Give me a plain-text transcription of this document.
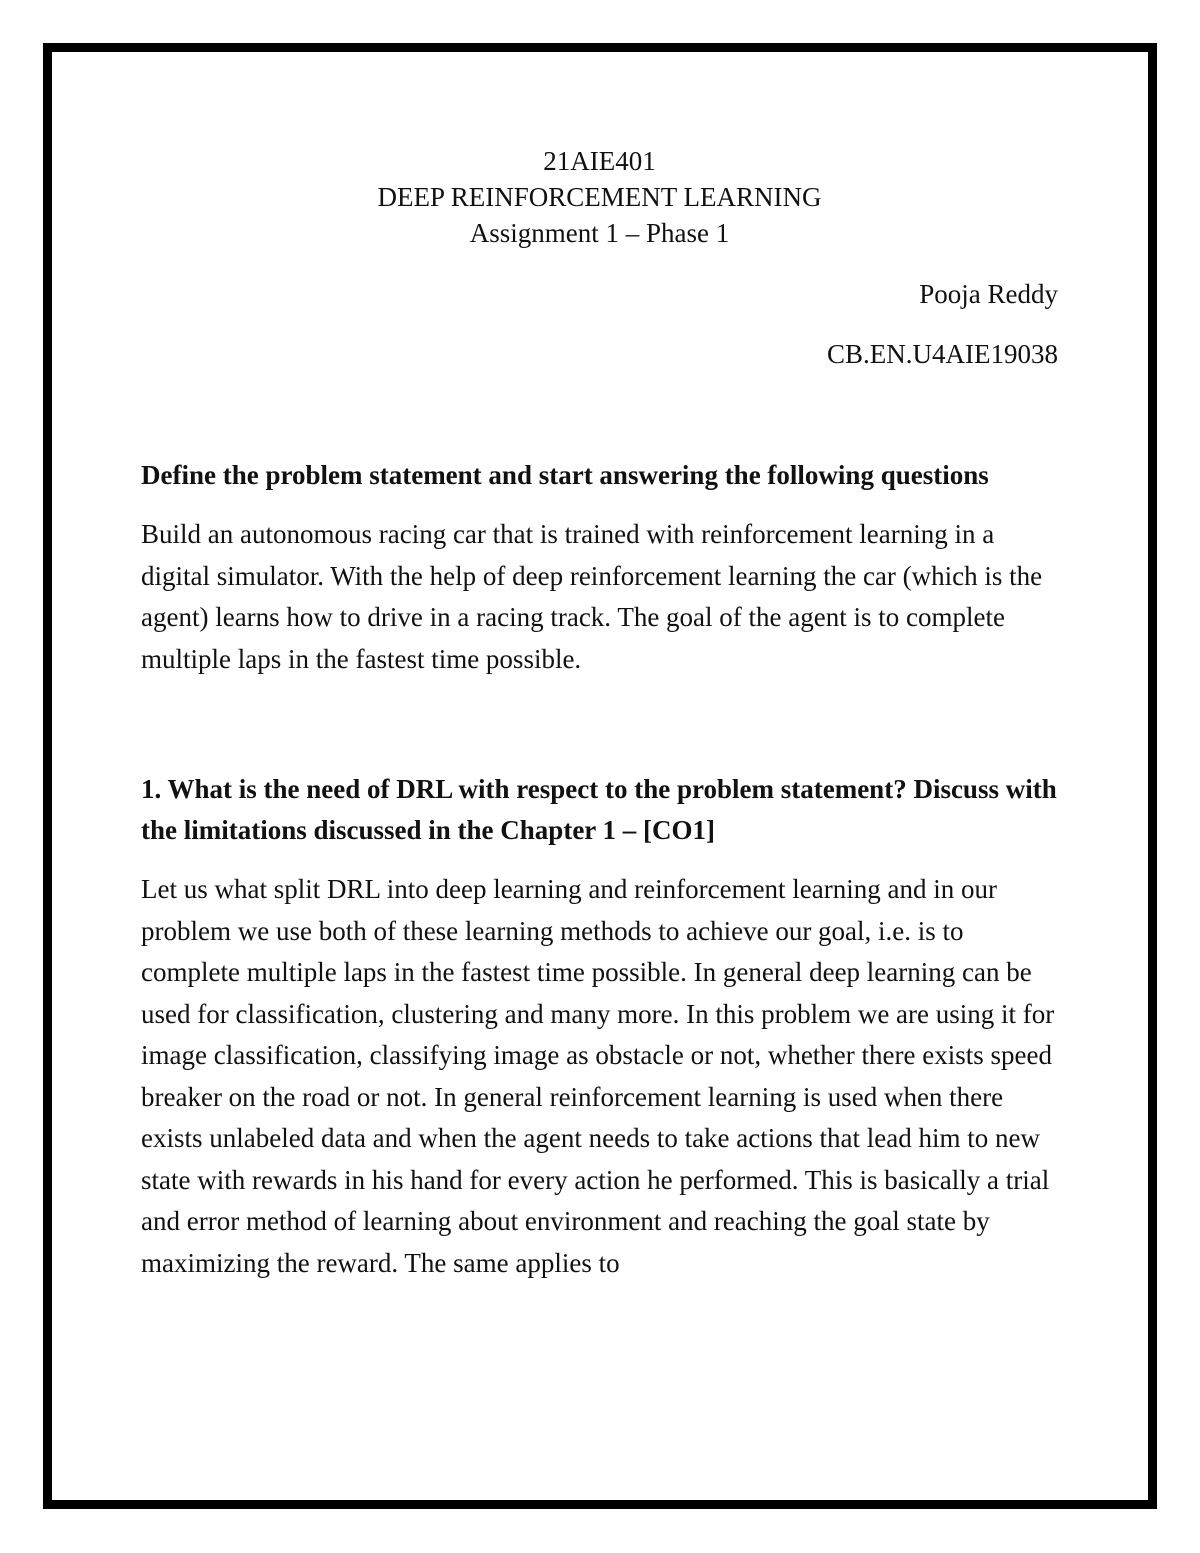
21AIE401
DEEP REINFORCEMENT LEARNING
Assignment 1 – Phase 1
Pooja Reddy
CB.EN.U4AIE19038

Define the problem statement and start answering the following questions

Build an autonomous racing car that is trained with reinforcement learning in a digital simulator. With the help of deep reinforcement learning the car (which is the agent) learns how to drive in a racing track. The goal of the agent is to complete multiple laps in the fastest time possible.

1. What is the need of DRL with respect to the problem statement? Discuss with the limitations discussed in the Chapter 1 – [CO1]

Let us what split DRL into deep learning and reinforcement learning and in our problem we use both of these learning methods to achieve our goal, i.e. is to complete multiple laps in the fastest time possible. In general deep learning can be used for classification, clustering and many more. In this problem we are using it for image classification, classifying image as obstacle or not, whether there exists speed breaker on the road or not. In general reinforcement learning is used when there exists unlabeled data and when the agent needs to take actions that lead him to new state with rewards in his hand for every action he performed. This is basically a trial and error method of learning about environment and reaching the goal state by maximizing the reward. The same applies to
